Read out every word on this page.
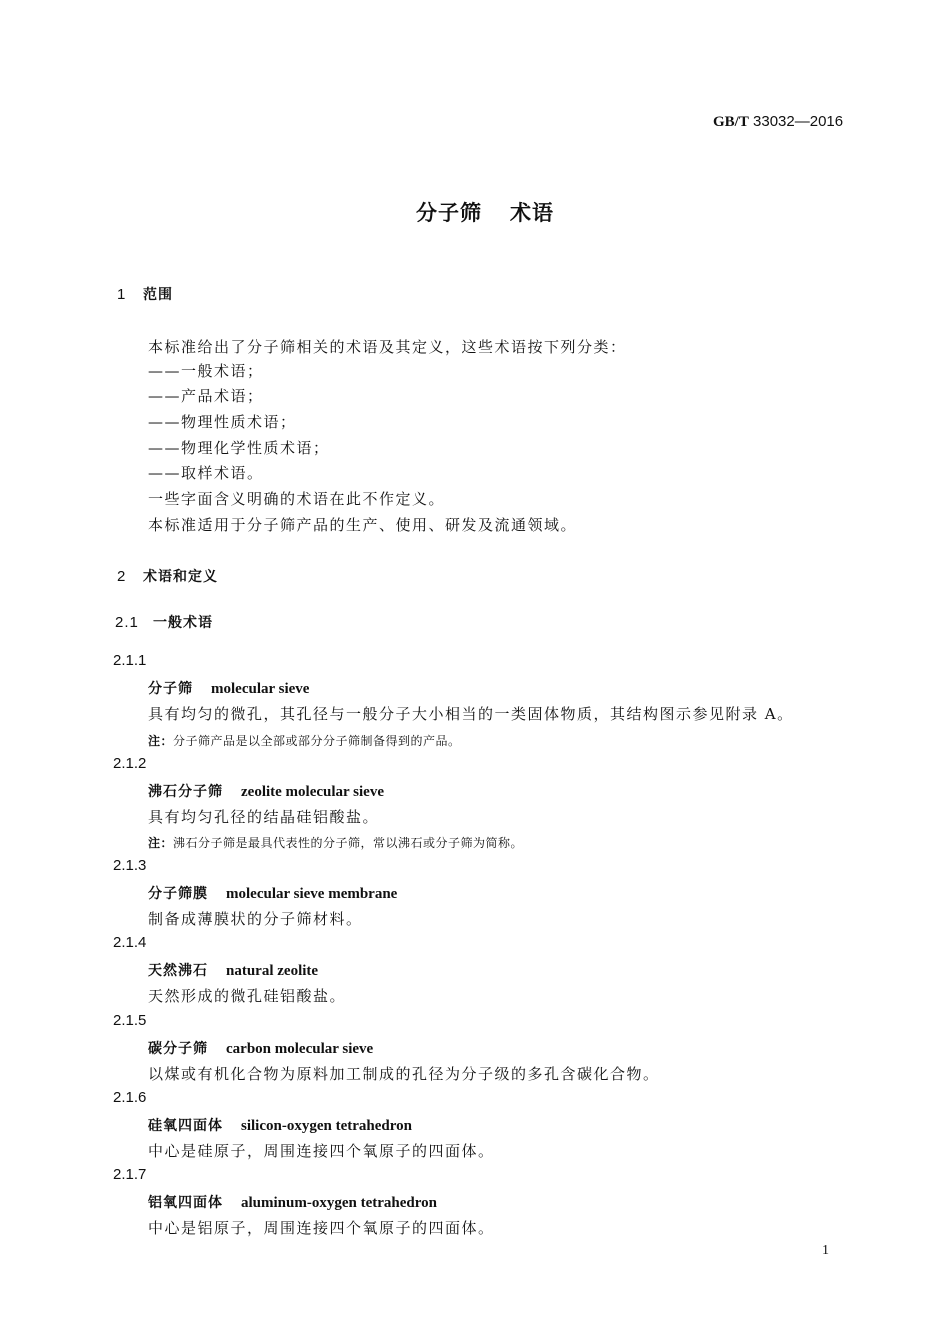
GB/T 33032—2016
分子筛 术语
1 范围
本标准给出了分子筛相关的术语及其定义，这些术语按下列分类：
——一般术语；
——产品术语；
——物理性质术语；
——物理化学性质术语；
——取样术语。
一些字面含义明确的术语在此不作定义。
本标准适用于分子筛产品的生产、使用、研发及流通领域。
2 术语和定义
2.1 一般术语
2.1.1
分子筛 molecular sieve
具有均匀的微孔，其孔径与一般分子大小相当的一类固体物质，其结构图示参见附录 A。
注：分子筛产品是以全部或部分分子筛制备得到的产品。
2.1.2
沸石分子筛 zeolite molecular sieve
具有均匀孔径的结晶硅铝酸盐。
注：沸石分子筛是最具代表性的分子筛，常以沸石或分子筛为简称。
2.1.3
分子筛膜 molecular sieve membrane
制备成薄膜状的分子筛材料。
2.1.4
天然沸石 natural zeolite
天然形成的微孔硅铝酸盐。
2.1.5
碳分子筛 carbon molecular sieve
以煤或有机化合物为原料加工制成的孔径为分子级的多孔含碳化合物。
2.1.6
硅氧四面体 silicon-oxygen tetrahedron
中心是硅原子，周围连接四个氧原子的四面体。
2.1.7
铝氧四面体 aluminum-oxygen tetrahedron
中心是铝原子，周围连接四个氧原子的四面体。
1
